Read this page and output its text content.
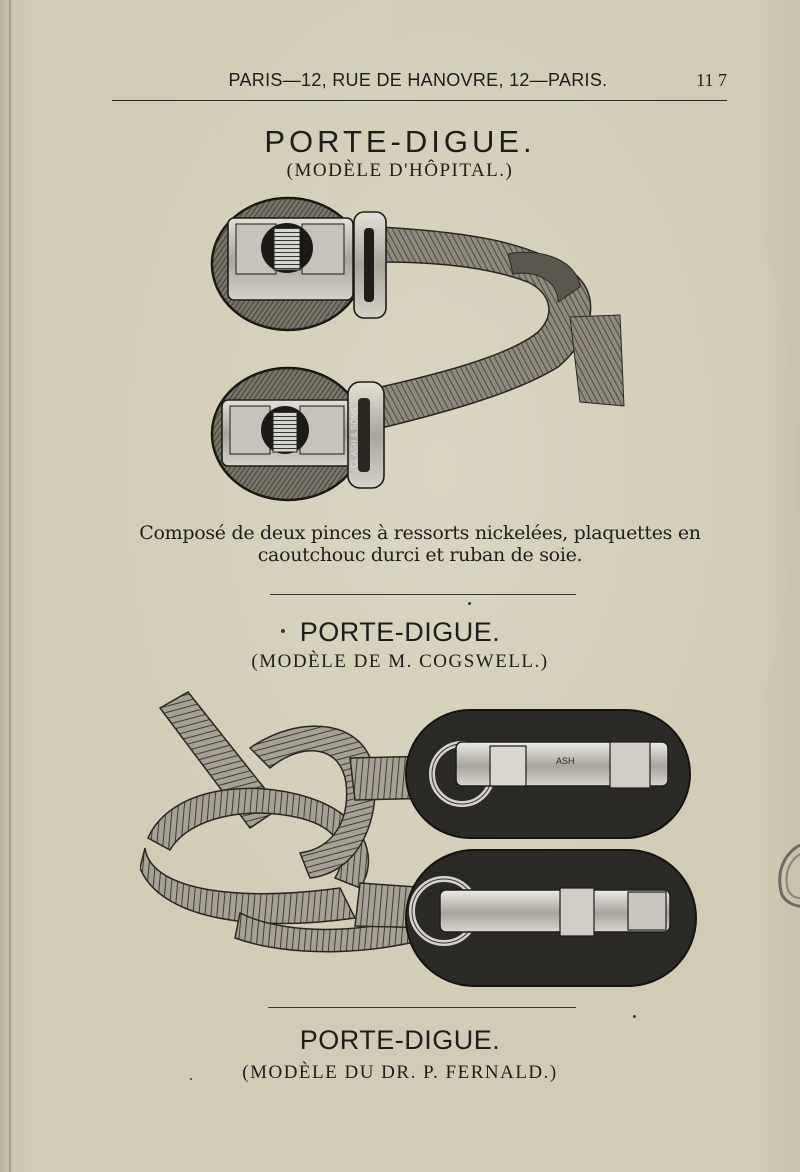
PARIS—12, RUE DE HANOVRE, 12—PARIS.	11 7
PORTE-DIGUE.
(MODÈLE D'HÔPITAL.)
CL ASH & SONS
Composé de deux pinces à ressorts nickelées, plaquettes en caoutchouc durci et ruban de soie.
PORTE-DIGUE.
(MODÈLE DE M. COGSWELL.)
ASH
PORTE-DIGUE.
(MODÈLE DU DR. P. FERNALD.)
